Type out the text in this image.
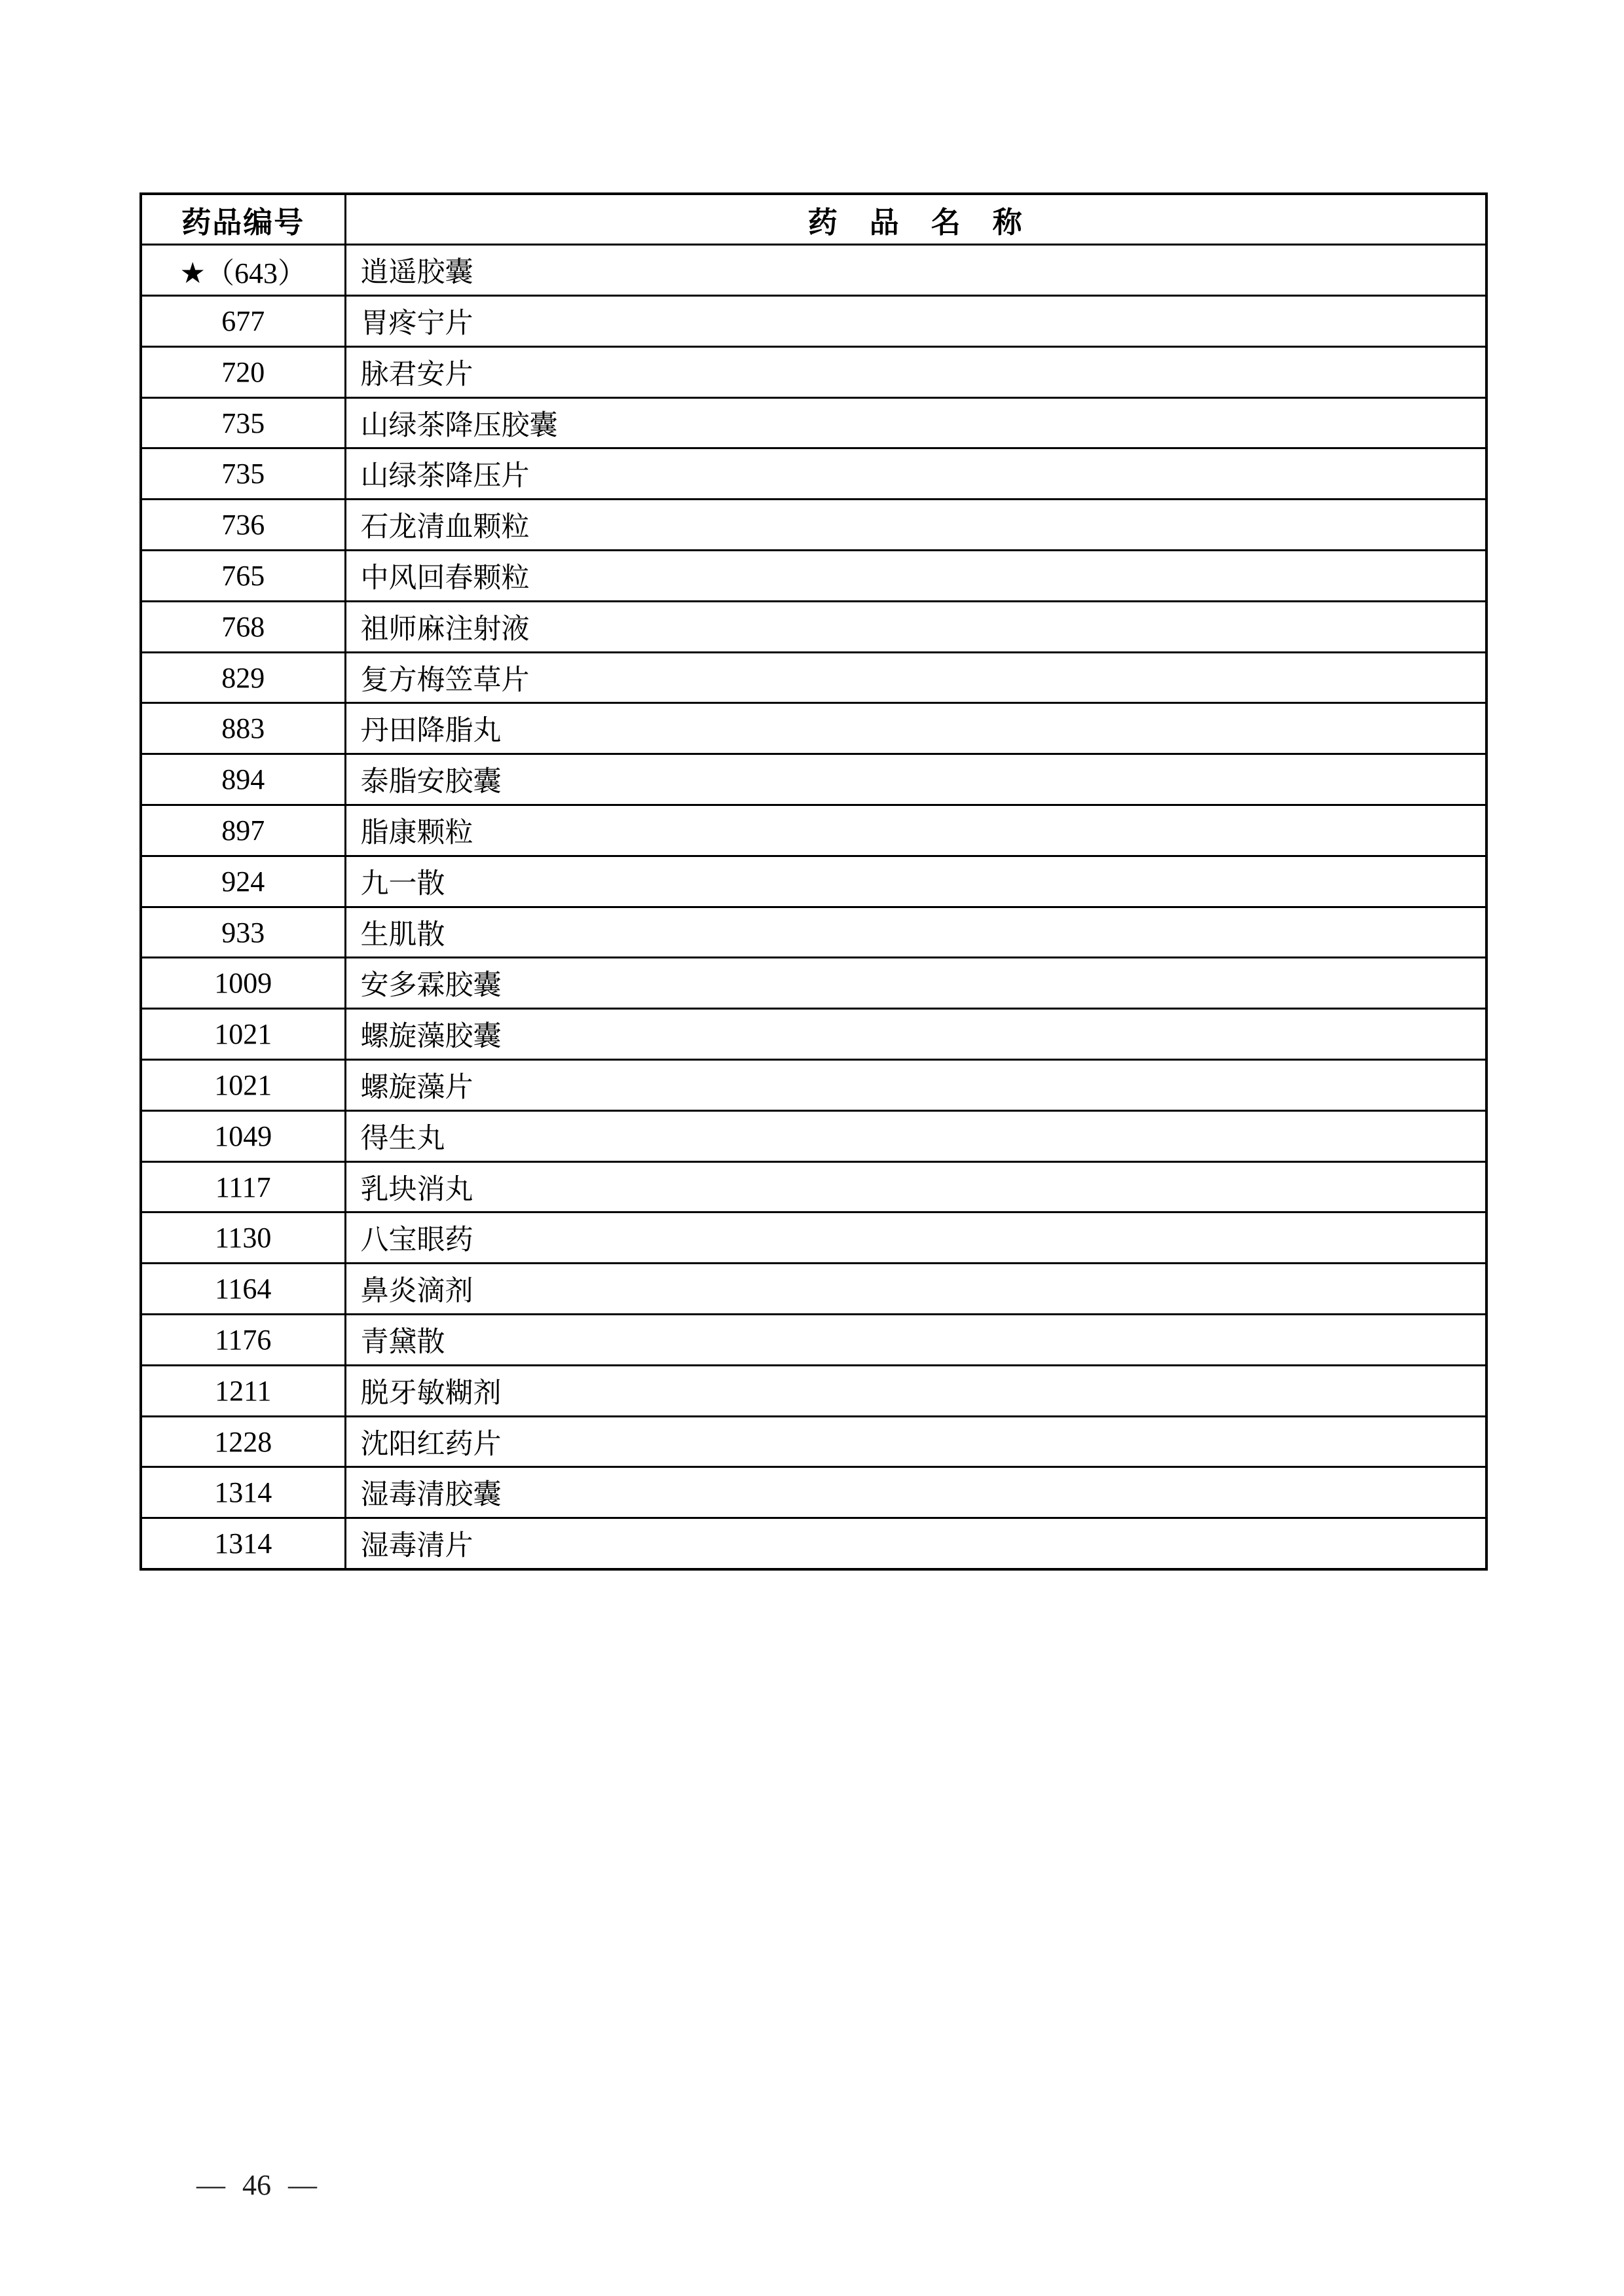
药品编号	药　品　名　称
★（643）	逍遥胶囊
677	胃疼宁片
720	脉君安片
735	山绿茶降压胶囊
735	山绿茶降压片
736	石龙清血颗粒
765	中风回春颗粒
768	祖师麻注射液
829	复方梅笠草片
883	丹田降脂丸
894	泰脂安胶囊
897	脂康颗粒
924	九一散
933	生肌散
1009	安多霖胶囊
1021	螺旋藻胶囊
1021	螺旋藻片
1049	得生丸
1117	乳块消丸
1130	八宝眼药
1164	鼻炎滴剂
1176	青黛散
1211	脱牙敏糊剂
1228	沈阳红药片
1314	湿毒清胶囊
1314	湿毒清片
— 46 —
